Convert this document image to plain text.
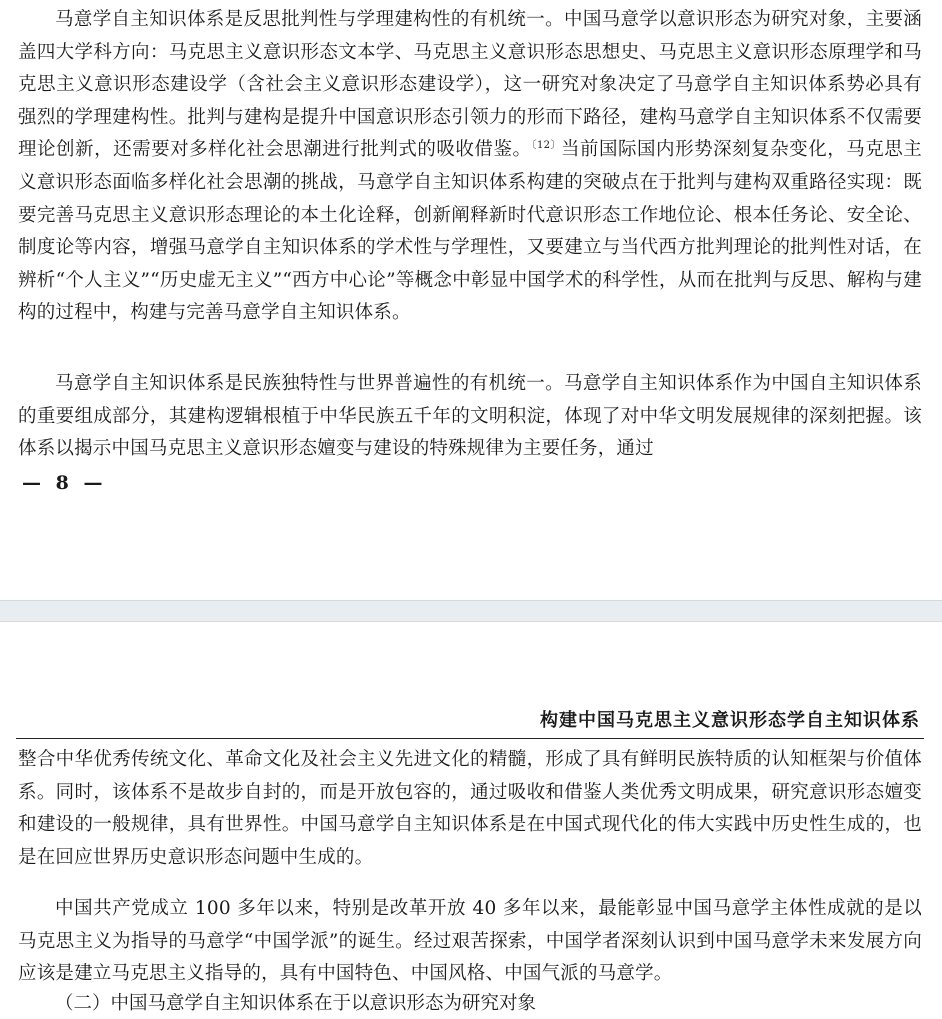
马意学自主知识体系是反思批判性与学理建构性的有机统一。中国马意学以意识形态为研究对象，主要涵盖四大学科方向：马克思主义意识形态文本学、马克思主义意识形态思想史、马克思主义意识形态原理学和马克思主义意识形态建设学（含社会主义意识形态建设学），这一研究对象决定了马意学自主知识体系势必具有强烈的学理建构性。批判与建构是提升中国意识形态引领力的形而下路径，建构马意学自主知识体系不仅需要理论创新，还需要对多样化社会思潮进行批判式的吸收借鉴。$^{〔12〕}$当前国际国内形势深刻复杂变化，马克思主义意识形态面临多样化社会思潮的挑战，马意学自主知识体系构建的突破点在于批判与建构双重路径实现：既要完善马克思主义意识形态理论的本土化诠释，创新阐释新时代意识形态工作地位论、根本任务论、安全论、制度论等内容，增强马意学自主知识体系的学术性与学理性，又要建立与当代西方批判理论的批判性对话，在辨析“个人主义”“历史虚无主义”“西方中心论”等概念中彰显中国学术的科学性，从而在批判与反思、解构与建构的过程中，构建与完善马意学自主知识体系。

马意学自主知识体系是民族独特性与世界普遍性的有机统一。马意学自主知识体系作为中国自主知识体系的重要组成部分，其建构逻辑根植于中华民族五千年的文明积淀，体现了对中华文明发展规律的深刻把握。该体系以揭示中国马克思主义意识形态嬗变与建设的特殊规律为主要任务，通过

— 8 —
构建中国马克思主义意识形态学自主知识体系

整合中华优秀传统文化、革命文化及社会主义先进文化的精髓，形成了具有鲜明民族特质的认知框架与价值体系。同时，该体系不是故步自封的，而是开放包容的，通过吸收和借鉴人类优秀文明成果，研究意识形态嬗变和建设的一般规律，具有世界性。中国马意学自主知识体系是在中国式现代化的伟大实践中历史性生成的，也是在回应世界历史意识形态问题中生成的。

中国共产党成立 100 多年以来，特别是改革开放 40 多年以来，最能彰显中国马意学主体性成就的是以马克思主义为指导的马意学“中国学派”的诞生。经过艰苦探索，中国学者深刻认识到中国马意学未来发展方向应该是建立马克思主义指导的，具有中国特色、中国风格、中国气派的马意学。

（二）中国马意学自主知识体系在于以意识形态为研究对象
